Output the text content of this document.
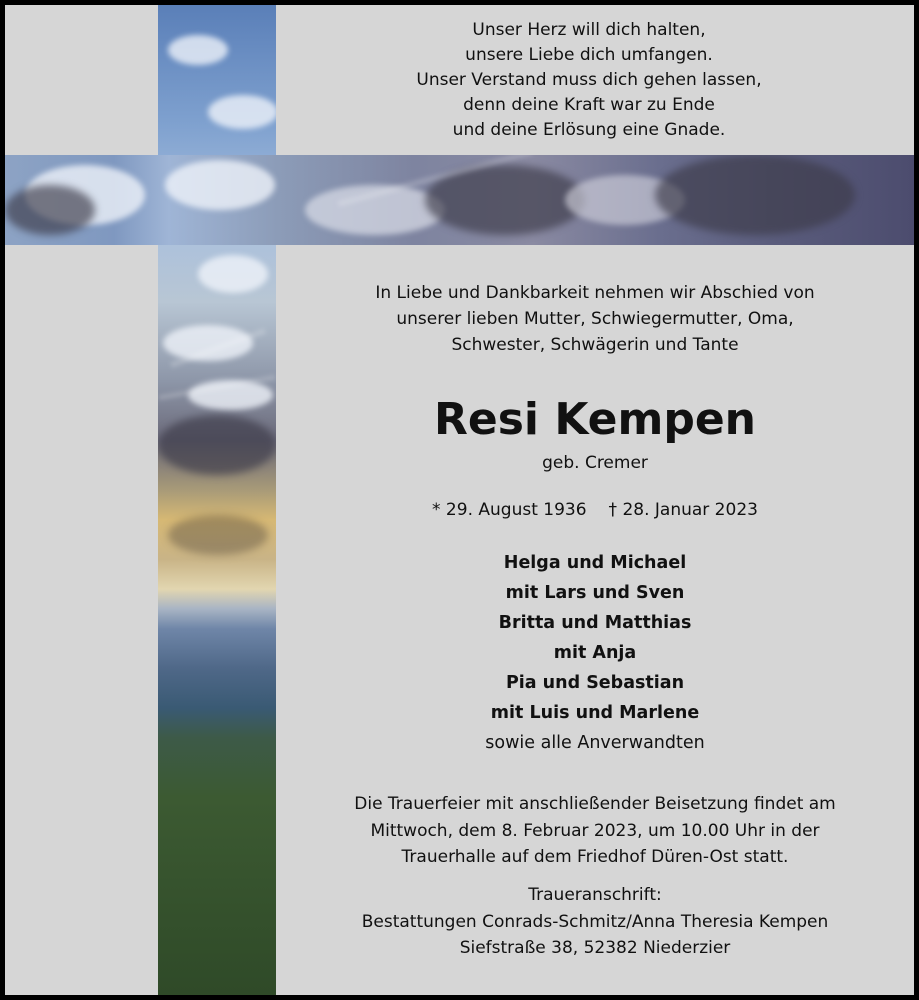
Unser Herz will dich halten,
unsere Liebe dich umfangen.
Unser Verstand muss dich gehen lassen,
denn deine Kraft war zu Ende
und deine Erlösung eine Gnade.
In Liebe und Dankbarkeit nehmen wir Abschied von
unserer lieben Mutter, Schwiegermutter, Oma,
Schwester, Schwägerin und Tante
Resi Kempen
geb. Cremer
* 29. August 1936 † 28. Januar 2023
Helga und Michael
mit Lars und Sven
Britta und Matthias
mit Anja
Pia und Sebastian
mit Luis und Marlene
sowie alle Anverwandten
Die Trauerfeier mit anschließender Beisetzung findet am
Mittwoch, dem 8. Februar 2023, um 10.00 Uhr in der
Trauerhalle auf dem Friedhof Düren-Ost statt.
Traueranschrift:
Bestattungen Conrads-Schmitz/Anna Theresia Kempen
Siefstraße 38, 52382 Niederzier
